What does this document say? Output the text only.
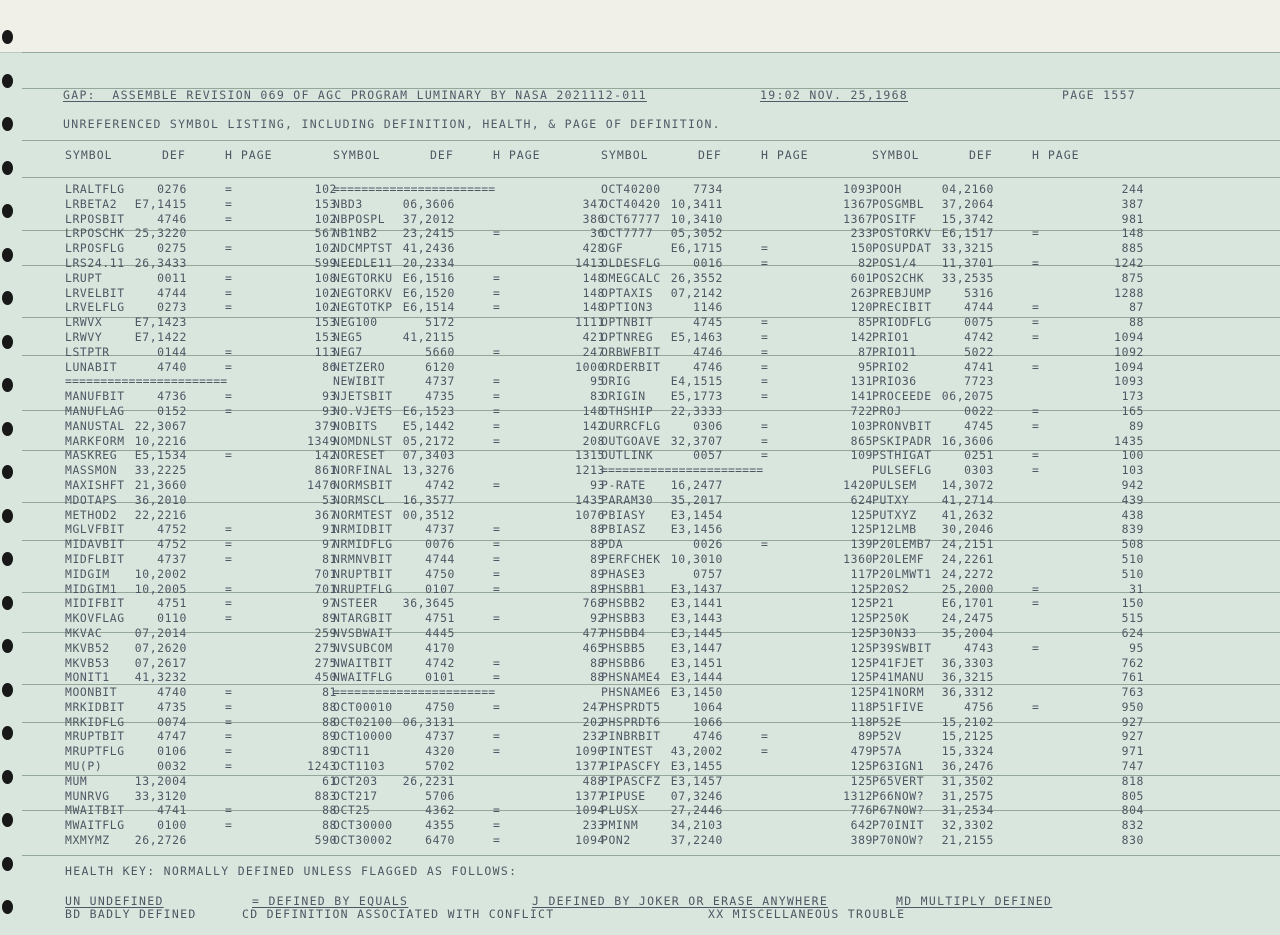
GAP:  ASSEMBLE REVISION 069 OF AGC PROGRAM LUMINARY BY NASA 2021112-011	19:02 NOV. 25,1968	PAGE 1557
UNREFERENCED SYMBOL LISTING, INCLUDING DEFINITION, HEALTH, & PAGE OF DEFINITION.
SYMBOL	DEF	H PAGE
LRALTFLG	0276	=	102
LRBETA2 E7,1415	=	153
LRPOSBIT	4746	=	102
LRPOSCHK 25,3220	567
LRPOSFLG	0275	=	102
LRS24.11 26,3433	599
LRUPT	0011	=	108
LRVELBIT	4744	=	102
LRVELFLG	0273	=	102
LRWVX	E7,1423	153
LRWVY	E7,1422	153
LSTPTR	0144	=	113
LUNABIT	4740	=	86
=======================
MANUFBIT	4736	=	93
MANUFLAG	0152	=	93
MANUSTAL 22,3067	379
MARKFORM 10,2216	1349
MASKREG E5,1534	=	142
MASSMON 33,2225	861
MAXISHFT 21,3660	1476
MDOTAPS 36,2010	53
METHOD2 22,2216	367
MGLVFBIT	4752	=	91
MIDAVBIT	4752	=	97
MIDFLBIT	4737	=	81
MIDGIM 10,2002	701
MIDGIM1 10,2005	=	701
MIDIFBIT	4751	=	97
MKOVFLAG	0110	=	89
MKVAC	07,2014	259
MKVB52 07,2620	275
MKVB53 07,2617	275
MONIT1 41,3232	450
MOONBIT	4740	=	81
MRKIDBIT	4735	=	88
MRKIDFLG	0074	=	88
MRUPTBIT	4747	=	89
MRUPTFLG	0106	=	89
MU(P)	0032	=	1243
MUM	13,2004	61
MUNRVG 33,3120	883
MWAITBIT	4741	=	88
MWAITFLG	0100	=	88
MXMYMZ 26,2726	590
SYMBOL	DEF	H PAGE
=======================
NBD3	06,3606	347
NBPOSPL 37,2012	386
NB1NB2 23,2415	=	36
NDCMPTST 41,2436	428
NEEDLE11 20,2334	1413
NEGTORKU E6,1516	=	148
NEGTORKV E6,1520	=	148
NEGTOTKP E6,1514	=	148
NEG100	5172	1111
NEG5	41,2115	421
NEG7	5660	=	247
NETZERO	6120	1000
NEWIBIT	4737	=	95
NJETSBIT	4735	=	83
NO.VJETS E6,1523	=	148
NOBITS E5,1442	=	142
NOMDNLST 05,2172	=	208
NORESET 07,3403	1315
NORFINAL 13,3276	1213
NORMSBIT	4742	=	93
NORMSCL 16,3577	1435
NORMTEST 00,3512	1076
NRMIDBIT	4737	=	88
NRMIDFLG	0076	=	88
NRMNVBIT	4744	=	89
NRUPTBIT	4750	=	89
NRUPTFLG	0107	=	89
NSTEER 36,3645	768
NTARGBIT	4751	=	92
NVSBWAIT	4445	477
NVSUBCOM	4170	465
NWAITBIT	4742	=	88
NWAITFLG	0101	=	88
=======================
OCT00010	4750	=	247
OCT02100 06,3131	202
OCT10000	4737	=	232
OCT11	4320	=	1090
OCT1103	5702	1377
OCT203 26,2231	488
OCT217	5706	1377
OCT25	4362	=	1094
OCT30000	4355	=	233
OCT30002	6470	=	1094
SYMBOL	DEF	H PAGE
OCT40200	7734	1093
OCT40420 10,3411	1367
OCT67777 10,3410	1367
OCT7777 05,3052	233
OGF	E6,1715	=	150
OLDESFLG	0016	=	82
OMEGCALC 26,3552	601
OPTAXIS 07,2142	263
OPTION3	1146	120
OPTNBIT	4745	=	85
OPTNREG E5,1463	=	142
ORBWFBIT	4746	=	87
ORDERBIT	4746	=	95
ORIG	E4,1515	=	131
ORIGIN E5,1773	=	141
OTHSHIP 22,3333	722
OURRCFLG	0306	=	103
OUTGOAVE 32,3707	=	865
OUTLINK	0057	=	109
=======================
P-RATE 16,2477	1420
PARAM30 35,2017	624
PBIASY E3,1454	125
PBIASZ E3,1456	125
PDA	0026	=	139
PERFCHEK 10,3010	1360
PHASE3	0757	117
PHSBB1 E3,1437	125
PHSBB2 E3,1441	125
PHSBB3 E3,1443	125
PHSBB4 E3,1445	125
PHSBB5 E3,1447	125
PHSBB6 E3,1451	125
PHSNAME4 E3,1444	125
PHSNAME6 E3,1450	125
PHSPRDT5	1064	118
PHSPRDT6	1066	118
PINBRBIT	4746	=	89
PINTEST 43,2002	=	479
PIPASCFY E3,1455	125
PIPASCFZ E3,1457	125
PIPUSE 07,3246	1312
PLUSX	27,2446	776
PMINM	34,2103	642
PON2	37,2240	389
SYMBOL	DEF	H PAGE
POOH	04,2160	244
POSGMBL 37,2064	387
POSITF 15,3742	981
POSTORKV E6,1517	=	148
POSUPDAT 33,3215	885
POS1/4 11,3701	=	1242
POS2CHK 33,2535	875
PREBJUMP	5316	1288
PRECIBIT	4744	=	87
PRIODFLG	0075	=	88
PRIO1	4742	=	1094
PRIO11	5022	1092
PRIO2	4741	=	1094
PRIO36	7723	1093
PROCEEDE 06,2075	173
PROJ	0022	=	165
PRONVBIT	4745	=	89
PSKIPADR 16,3606	1435
PSTHIGAT	0251	=	100
PULSEFLG	0303	=	103
PULSEM 14,3072	942
PUTXY	41,2714	439
PUTXYZ 41,2632	438
P12LMB 30,2046	839
P20LEMB7 24,2151	508
P20LEMF 24,2261	510
P20LMWT1 24,2272	510
P20S2	25,2000	=	31
P21	E6,1701	=	150
P250K	24,2475	515
P30N33 35,2004	624
P39SWBIT	4743	=	95
P41FJET 36,3303	762
P41MANU 36,3215	761
P41NORM 36,3312	763
P51FIVE	4756	=	950
P52E	15,2102	927
P52V	15,2125	927
P57A	15,3324	971
P63IGN1 36,2476	747
P65VERT 31,3502	818
P66NOW? 31,2575	805
P67NOW? 31,2534	804
P70INIT 32,3302	832
P70NOW? 21,2155	830
HEALTH KEY: NORMALLY DEFINED UNLESS FLAGGED AS FOLLOWS:
UN UNDEFINED	= DEFINED BY EQUALS	J DEFINED BY JOKER OR ERASE ANYWHERE	MD MULTIPLY DEFINED
BD BADLY DEFINED	CD DEFINITION ASSOCIATED WITH CONFLICT	XX MISCELLANEOUS TROUBLE
